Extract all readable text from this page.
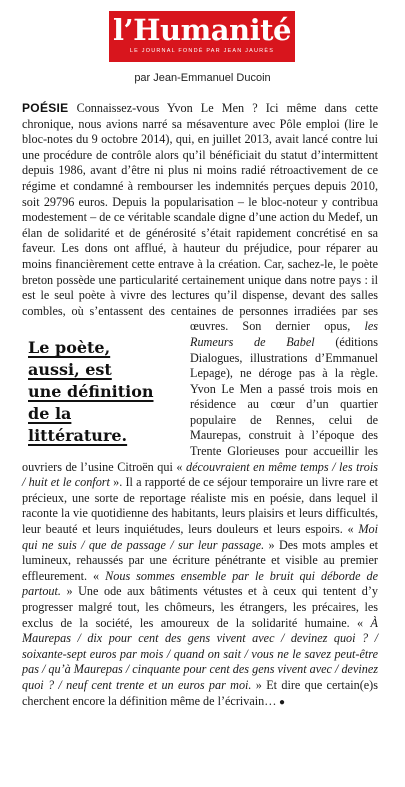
l’Humanité
LE JOURNAL FONDÉ PAR JEAN JAURÈS
par Jean-Emmanuel Ducoin

POÉSIE Connaissez-vous Yvon Le Men ? Ici même dans cette chronique, nous avions narré sa mésaventure avec Pôle emploi (lire le bloc-notes du 9 octobre 2014), qui, en juillet 2013, avait lancé contre lui une procédure de contrôle alors qu’il bénéficiait du statut d’intermittent depuis 1986, avant d’être ni plus ni moins radié rétroactivement de ce régime et condamné à rembourser les indemnités perçues depuis 2010, soit 29796 euros. Depuis la popularisation – le bloc-noteur y contribua modestement – de ce véritable scandale digne d’une action du Medef, un élan de solidarité et de générosité s’était rapidement concrétisé en sa faveur. Les dons ont afflué, à hauteur du préjudice, pour réparer au moins financièrement cette entrave à la création. Car, sachez-le, le poète breton possède une particularité certainement unique dans notre pays : il est le seul poète à vivre des lectures qu’il dispense, devant des salles combles, où s’entassent des centaines de personnes irradiées par ses œuvres. Son dernier opus,
Le poète,
aussi, est
une définition
de la littérature.
les Rumeurs de Babel (éditions Dialogues, illustrations d’Emmanuel Lepage), ne déroge pas à la règle. Yvon Le Men a passé trois mois en résidence au cœur d’un quartier populaire de Rennes, celui de Maurepas, construit à l’époque des Trente Glorieuses pour accueillir les ouvriers de l’usine Citroën qui « découvraient en même temps / les trois / huit et le confort ». Il a rapporté de ce séjour temporaire un livre rare et précieux, une sorte de reportage réaliste mis en poésie, dans lequel il raconte la vie quotidienne des habitants, leurs plaisirs et leurs difficultés, leur beauté et leurs inquiétudes, leurs douleurs et leurs espoirs. « Moi qui ne suis / que de passage / sur leur passage. » Des mots amples et lumineux, rehaussés par une écriture pénétrante et visible au premier effleurement. « Nous sommes ensemble par le bruit qui déborde de partout. » Une ode aux bâtiments vétustes et à ceux qui tentent d’y progresser malgré tout, les chômeurs, les étrangers, les précaires, les exclus de la société, les amoureux de la solidarité humaine. « À Maurepas / dix pour cent des gens vivent avec / devinez quoi ? / soixante-sept euros par mois / quand on sait / vous ne le savez peut-être pas / qu’à Maurepas / cinquante pour cent des gens vivent avec / devinez quoi ? / neuf cent trente et un euros par moi. » Et dire que certain(e)s cherchent encore la définition même de l’écrivain… ●
